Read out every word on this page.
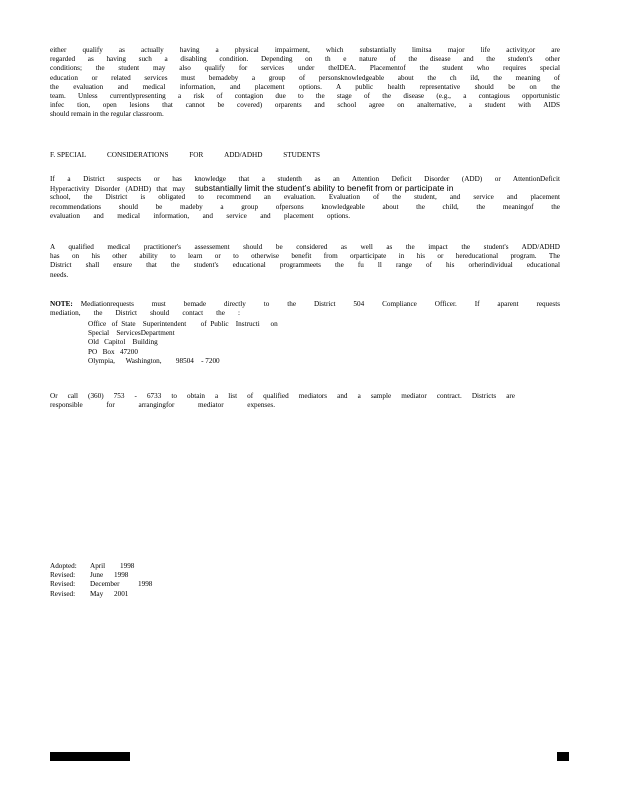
either qualify as actually having a physical impairment, which substantially limitsa major life activity,or are
regarded as having such a disabling condition. Depending on th e nature of the disease and the student's other
conditions; the student may also qualify for services under theIDEA. Placementof the student who requires special
education or related services must bemadeby a group of personsknowledgeable about the ch ild, the meaning of
the evaluation and medical information, and placement options. A public health representative should be on the
team. Unless currentlypresenting a risk of contagion due to the stage of the disease (e.g., a contagious opportunistic
infec tion, open lesions that cannot be covered) orparents and school agree on analternative, a student with AIDS
should remain in the regular classroom.
F. SPECIAL	CONSIDERATIONS	FOR	ADD/ADHD	STUDENTS
If a District suspects or has knowledge that a studenth as an Attention Deficit Disorder (ADD) or AttentionDeficit
Hyperactivity   Disorder   (ADHD)   that   may substantially limit the student’s ability to benefit from or participate in
school, the District is obligated to recommend an evaluation. Evaluation of the student, and service and placement
recommendations should be madeby a group ofpersons knowledgeable about the child, the meaningof the
evaluation and medical information, and service and placement options.
A qualified medical practitioner's assessement should be considered as well as the impact the student's ADD/ADHD
has on his other ability to learn or to otherwise benefit from orparticipate in his or hereducational program. The
District shall ensure that the student's educational programmeets the fu ll range of his orherindividual educational
needs.
NOTE: Mediationrequests must bemade directly to the District 504 Compliance Officer. If aparent requests
mediation, the District should contact the :
Office   of  State    Superintendent        of  Public    Instructi      on
Special    ServicesDepartment
Old   Capitol    Building
PO   Box   47200
Olympia,      Washington,        98504    - 7200
Or call (360) 753 - 6733 to obtain a list of qualified mediators and a sample mediator contract. Districts are
responsible for arrangingfor mediator expenses.
Adopted:	April	1998
Revised:	June	1998
Revised:	December	1998
Revised:	May	2001
